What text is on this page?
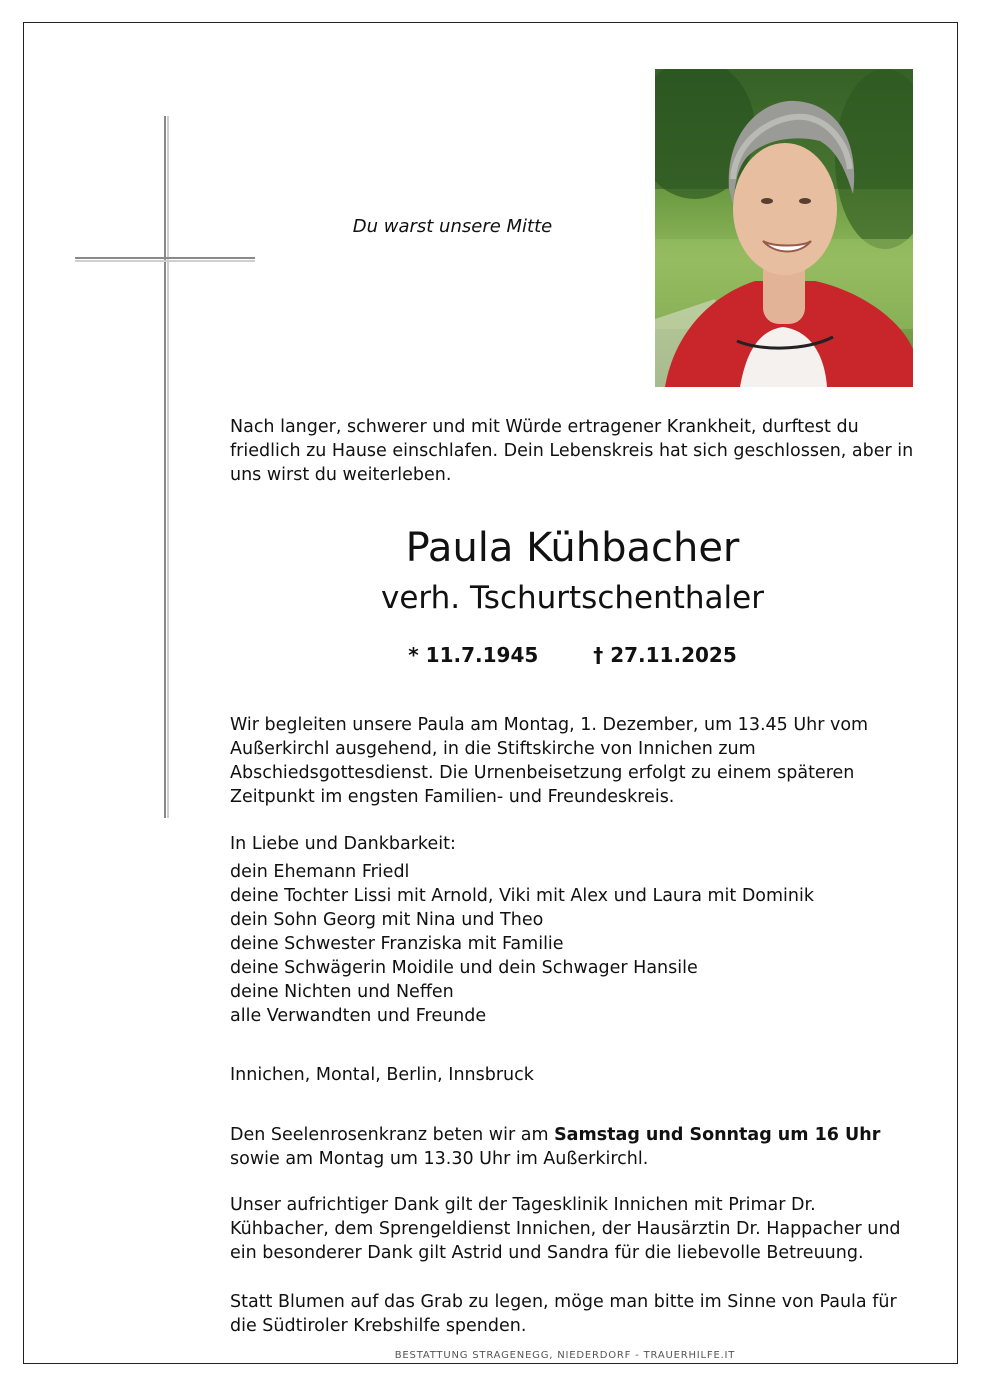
Du warst unsere Mitte
Nach langer, schwerer und mit Würde ertragener Krankheit, durftest du friedlich zu Hause einschlafen. Dein Lebenskreis hat sich geschlossen, aber in uns wirst du weiterleben.
Paula Kühbacher
verh. Tschurtschenthaler
* 11.7.1945	† 27.11.2025
Wir begleiten unsere Paula am Montag, 1. Dezember, um 13.45 Uhr vom Außerkirchl ausgehend, in die Stiftskirche von Innichen zum Abschiedsgottesdienst. Die Urnenbeisetzung erfolgt zu einem späteren Zeitpunkt im engsten Familien- und Freundeskreis.
In Liebe und Dankbarkeit:
dein Ehemann Friedl
deine Tochter Lissi mit Arnold, Viki mit Alex und Laura mit Dominik
dein Sohn Georg mit Nina und Theo
deine Schwester Franziska mit Familie
deine Schwägerin Moidile und dein Schwager Hansile
deine Nichten und Neffen
alle Verwandten und Freunde
Innichen, Montal, Berlin, Innsbruck
Den Seelenrosenkranz beten wir am Samstag und Sonntag um 16 Uhr sowie am Montag um 13.30 Uhr im Außerkirchl.
Unser aufrichtiger Dank gilt der Tagesklinik Innichen mit Primar Dr. Kühbacher, dem Sprengeldienst Innichen, der Hausärztin Dr. Happacher und ein besonderer Dank gilt Astrid und Sandra für die liebevolle Betreuung.
Statt Blumen auf das Grab zu legen, möge man bitte im Sinne von Paula für die Südtiroler Krebshilfe spenden.
BESTATTUNG STRAGENEGG, NIEDERDORF - TRAUERHILFE.IT
